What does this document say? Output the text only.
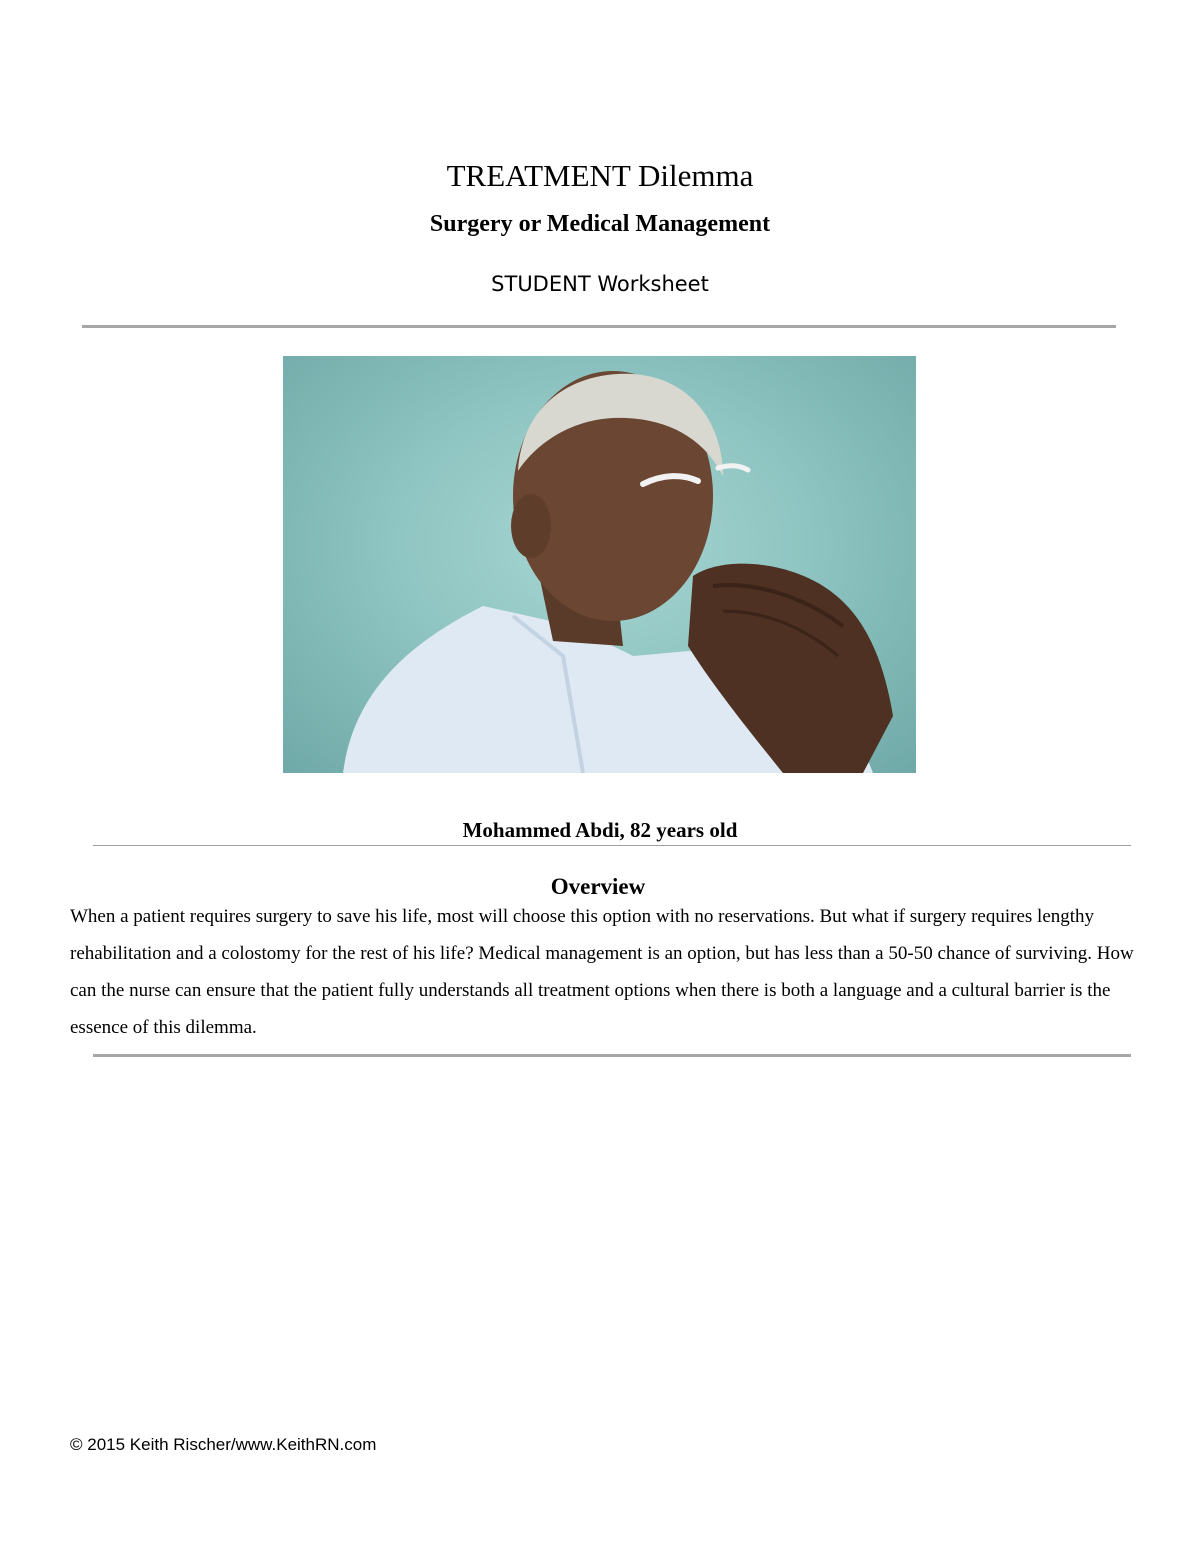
TREATMENT Dilemma
Surgery or Medical Management
STUDENT Worksheet
Mohammed Abdi, 82 years old
Overview
When a patient requires surgery to save his life, most will choose this option with no reservations. But what if surgery requires lengthy rehabilitation and a colostomy for the rest of his life? Medical management is an option, but has less than a 50-50 chance of surviving. How can the nurse can ensure that the patient fully understands all treatment options when there is both a language and a cultural barrier is the essence of this dilemma.
© 2015 Keith Rischer/www.KeithRN.com
